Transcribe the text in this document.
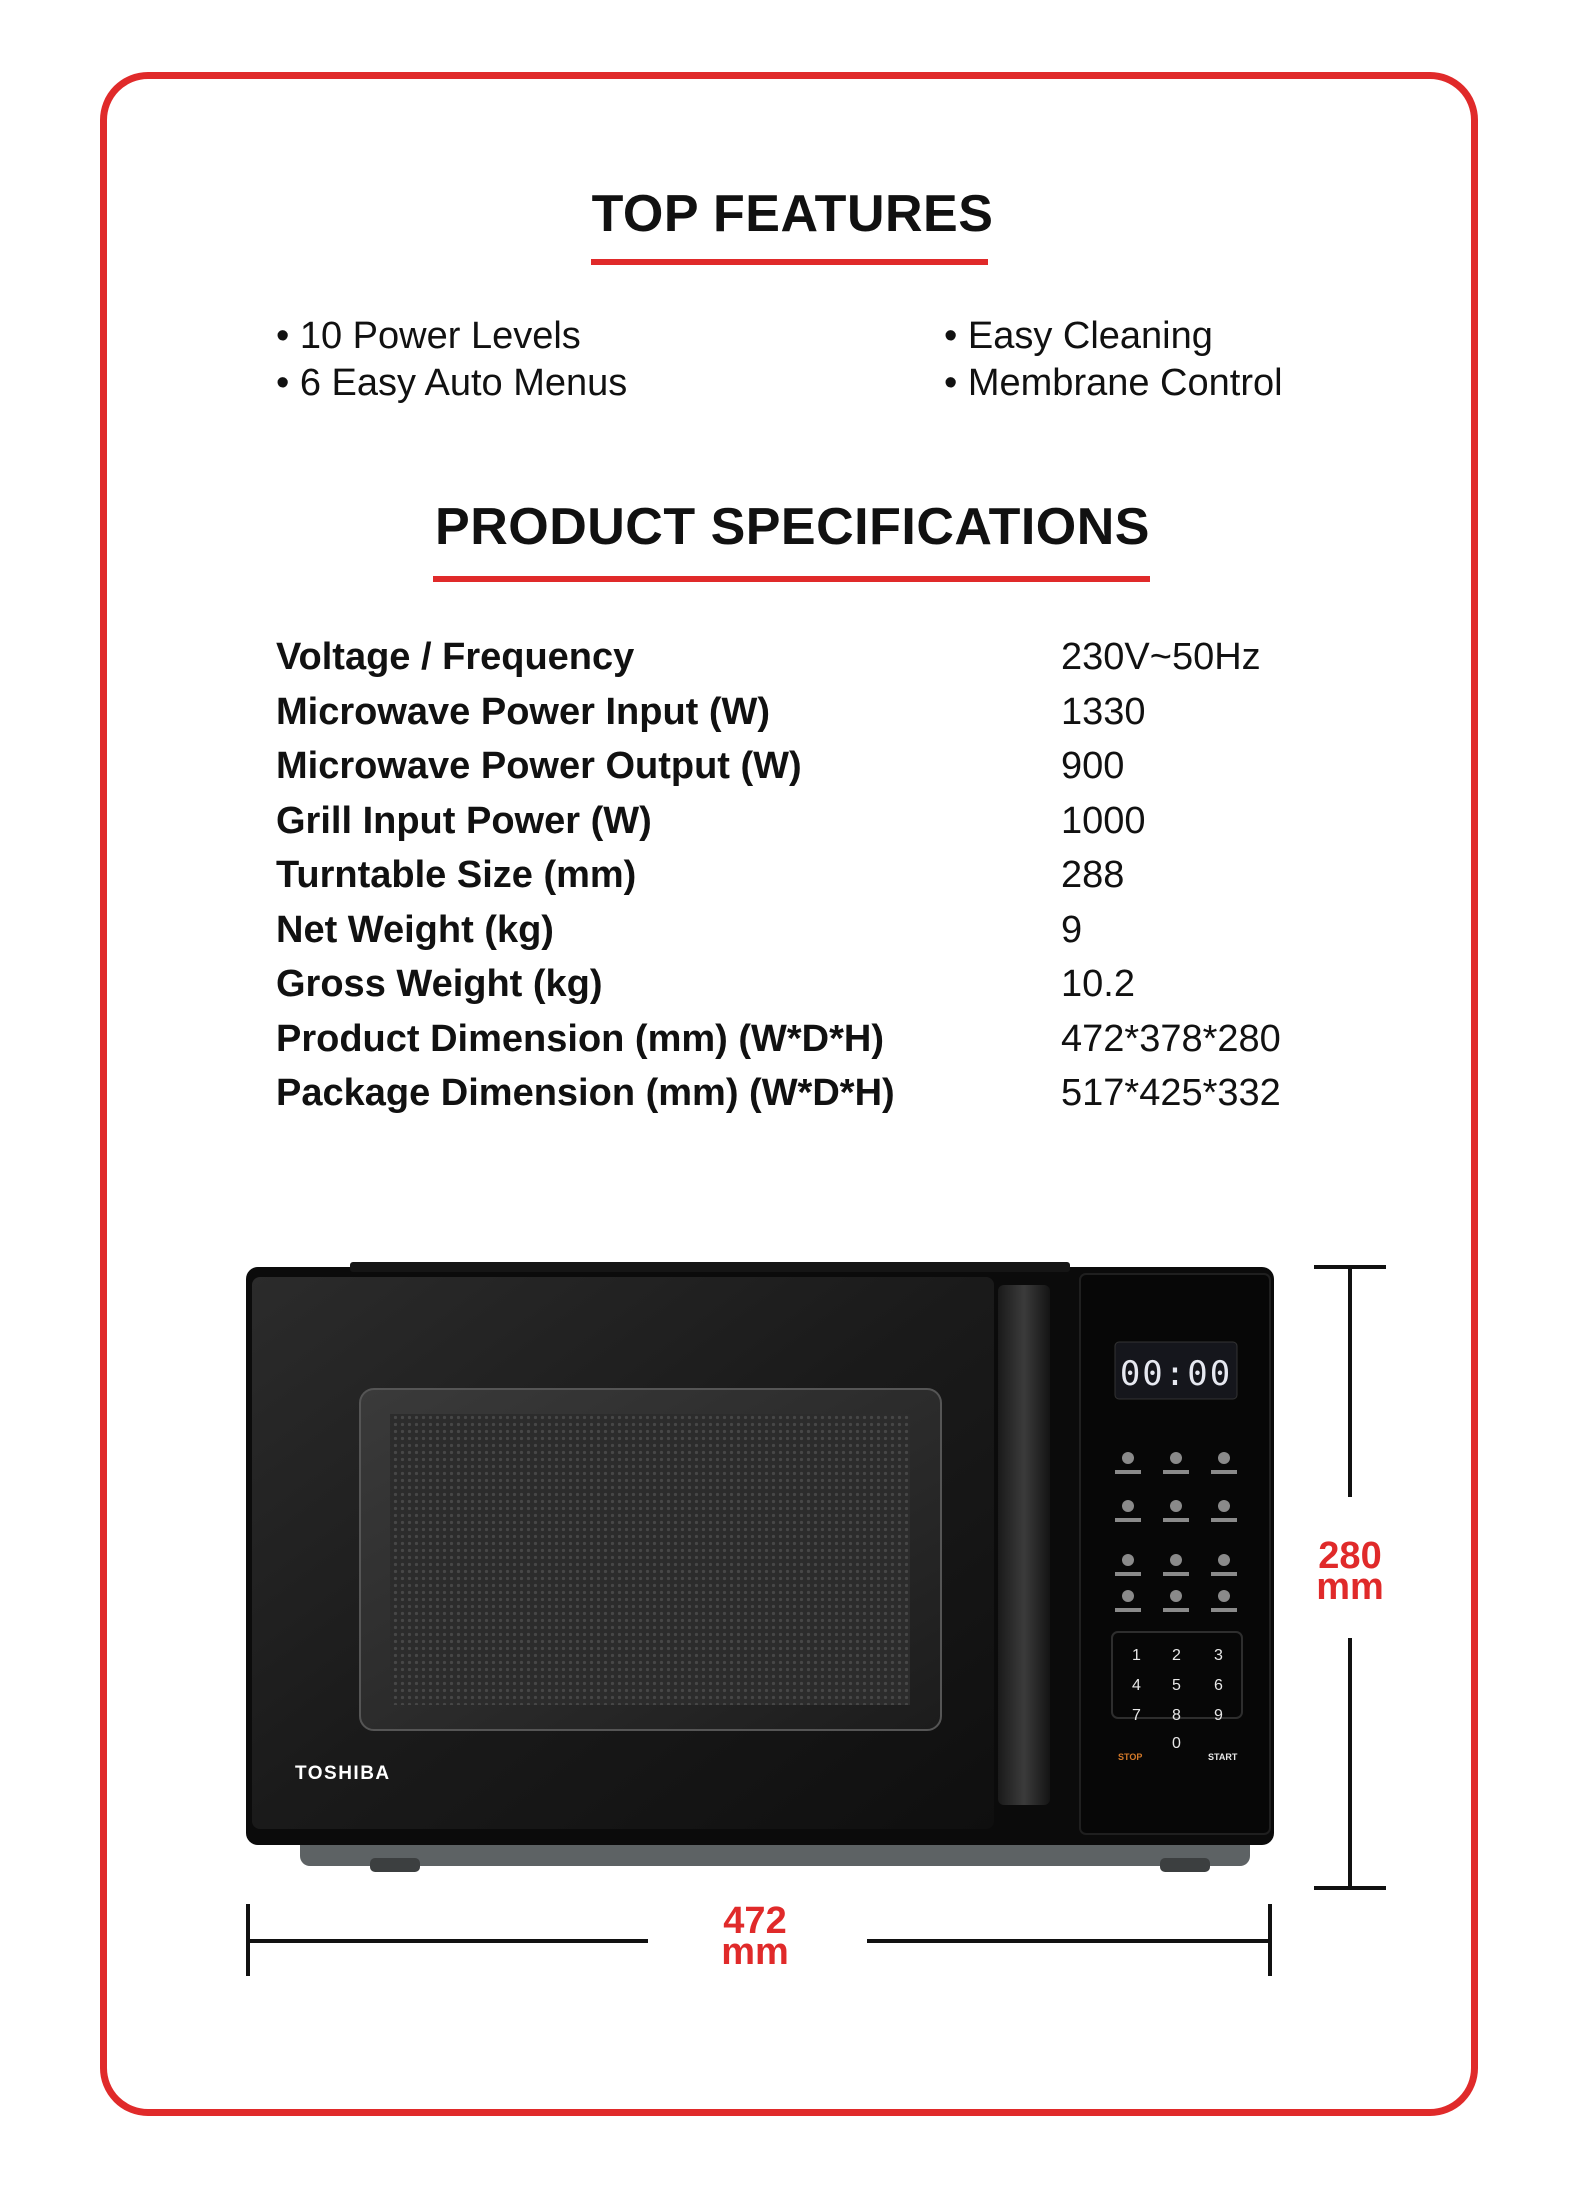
TOP FEATURES
• 10 Power Levels
• 6 Easy Auto Menus
• Easy Cleaning
• Membrane Control
PRODUCT SPECIFICATIONS
Voltage / Frequency	230V~50Hz
Microwave Power Input (W)	1330
Microwave Power Output (W)	900
Grill Input Power (W)	1000
Turntable Size (mm)	288
Net Weight (kg)	9
Gross Weight (kg)	10.2
Product Dimension (mm) (W*D*H)	472*378*280
Package Dimension (mm) (W*D*H)	517*425*332
00:00
1 2 3
4 5 6
7 8 9
0
STOP	START
TOSHIBA
280
mm
472
mm
